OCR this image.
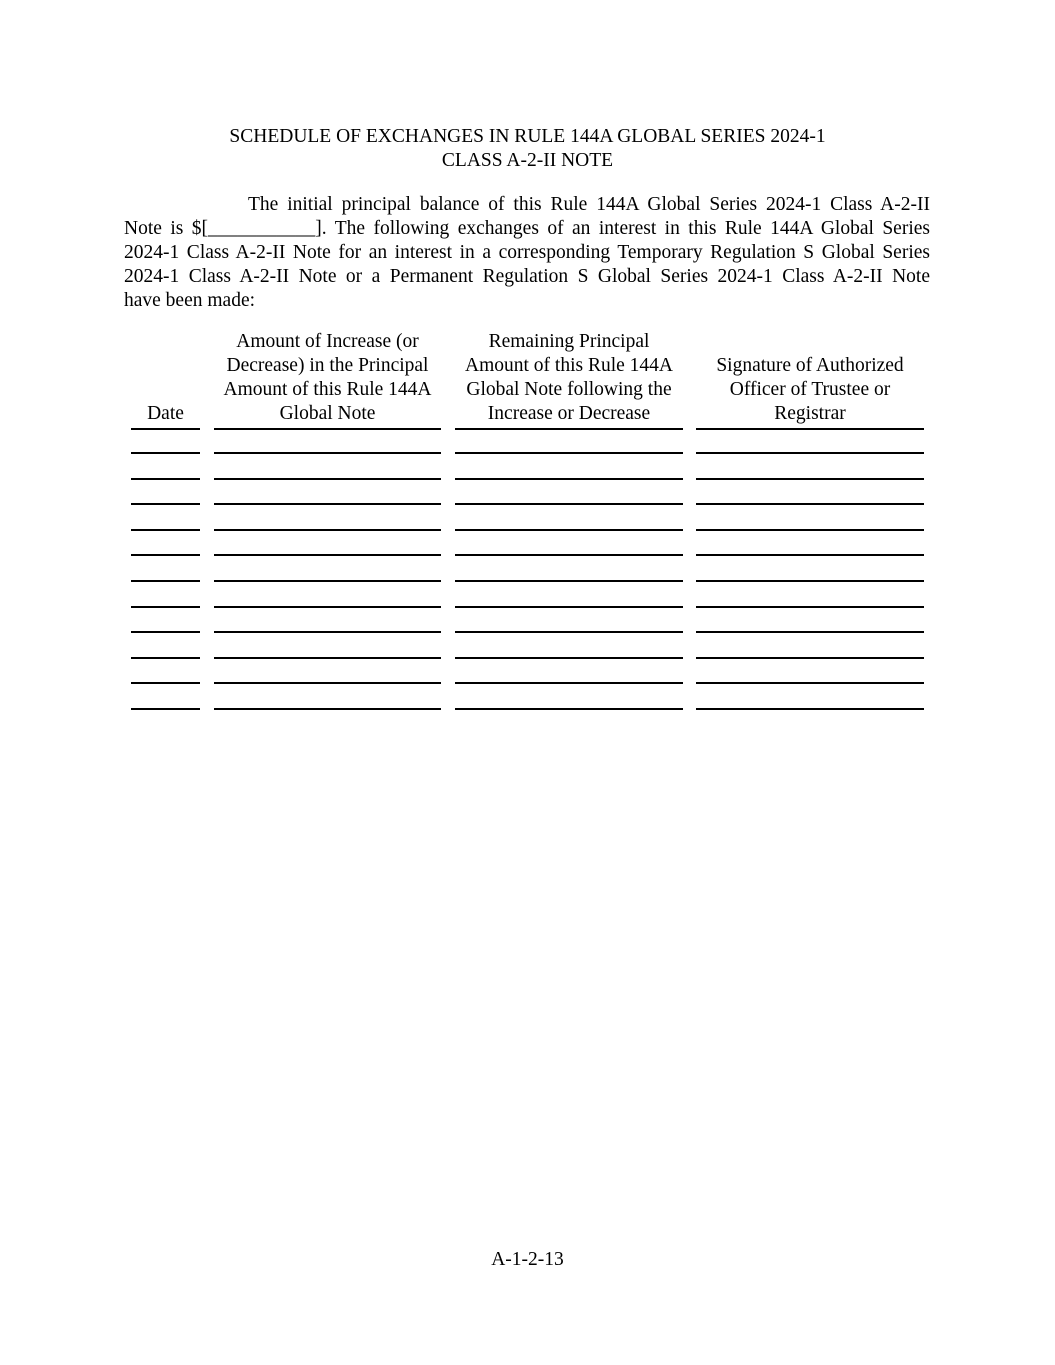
SCHEDULE OF EXCHANGES IN RULE 144A GLOBAL SERIES 2024-1
CLASS A-2-II NOTE
The initial principal balance of this Rule 144A Global Series 2024-1 Class A-2-II
Note is $[___________]. The following exchanges of an interest in this Rule 144A Global Series
2024-1 Class A-2-II Note for an interest in a corresponding Temporary Regulation S Global Series
2024-1 Class A-2-II Note or a Permanent Regulation S Global Series 2024-1 Class A-2-II Note
have been made:
Date
Amount of Increase (or
Decrease) in the Principal
Amount of this Rule 144A
Global Note
Remaining Principal
Amount of this Rule 144A
Global Note following the
Increase or Decrease
Signature of Authorized
Officer of Trustee or
Registrar
A-1-2-13
